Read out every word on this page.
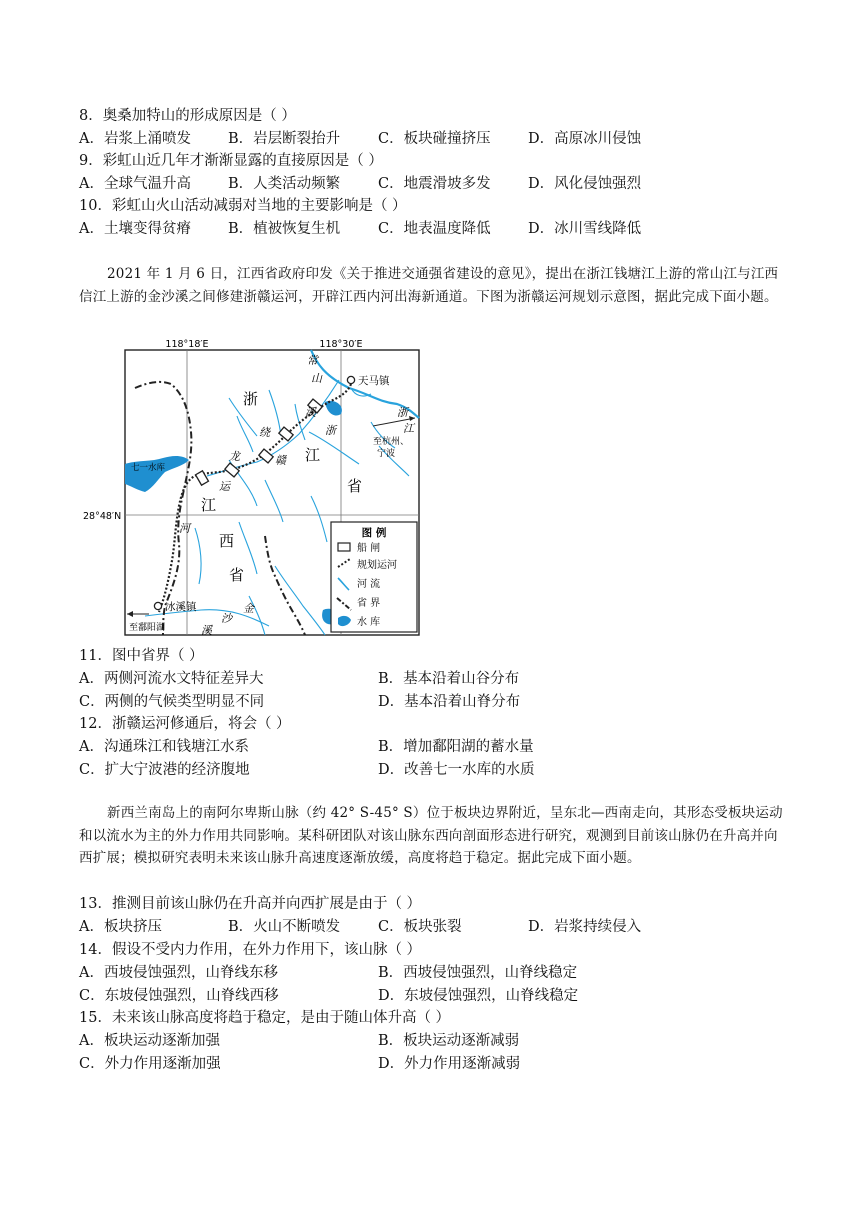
8．奥桑加特山的形成原因是（ ）
A．岩浆上涌喷发	B．岩层断裂抬升	C．板块碰撞挤压	D．高原冰川侵蚀
9．彩虹山近几年才渐渐显露的直接原因是（ ）
A．全球气温升高	B．人类活动频繁	C．地震滑坡多发	D．风化侵蚀强烈
10．彩虹山火山活动减弱对当地的主要影响是（ ）
A．土壤变得贫瘠	B．植被恢复生机	C．地表温度降低	D．冰川雪线降低
2021 年 1 月 6 日，江西省政府印发《关于推进交通强省建设的意见》，提出在浙江钱塘江上游的常山江与江西信江上游的金沙溪之间修建浙赣运河，开辟江西内河出海新通道。下图为浙赣运河规划示意图，据此完成下面小题。
118°18′E	118°30′E
28°48′N
天马镇
冰溪镇
七一水库
至杭州、
宁波
至鄱阳湖
浙
江
省
江
西
省
常
山
浙
江
溪
浙
绕
赣
龙
运
河
金
沙
溪
图 例
船 闸
规划运河
河 流
省 界
水 库
11．图中省界（ ）
A．两侧河流水文特征差异大	B．基本沿着山谷分布
C．两侧的气候类型明显不同	D．基本沿着山脊分布
12．浙赣运河修通后，将会（ ）
A．沟通珠江和钱塘江水系	B．增加鄱阳湖的蓄水量
C．扩大宁波港的经济腹地	D．改善七一水库的水质
新西兰南岛上的南阿尔卑斯山脉（约 42° S-45° S）位于板块边界附近，呈东北—西南走向，其形态受板块运动和以流水为主的外力作用共同影响。某科研团队对该山脉东西向剖面形态进行研究，观测到目前该山脉仍在升高并向西扩展；模拟研究表明未来该山脉升高速度逐渐放缓，高度将趋于稳定。据此完成下面小题。
13．推测目前该山脉仍在升高并向西扩展是由于（ ）
A．板块挤压	B．火山不断喷发	C．板块张裂	D．岩浆持续侵入
14．假设不受内力作用，在外力作用下，该山脉（ ）
A．西坡侵蚀强烈，山脊线东移	B．西坡侵蚀强烈，山脊线稳定
C．东坡侵蚀强烈，山脊线西移	D．东坡侵蚀强烈，山脊线稳定
15．未来该山脉高度将趋于稳定，是由于随山体升高（ ）
A．板块运动逐渐加强	B．板块运动逐渐减弱
C．外力作用逐渐加强	D．外力作用逐渐减弱
